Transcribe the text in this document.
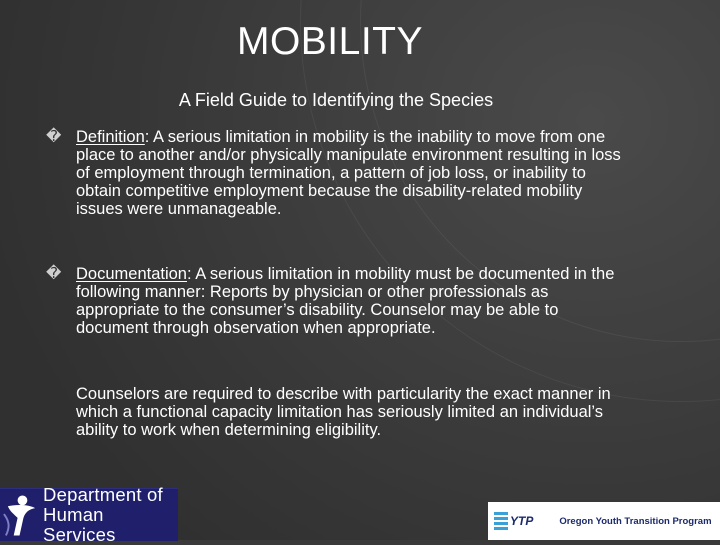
MOBILITY
A Field Guide to Identifying the Species
� Definition: A serious limitation in mobility is the inability to move from one place to another and/or physically manipulate environment resulting in loss of employment through termination, a pattern of job loss, or inability to obtain competitive employment because the disability-related mobility issues were unmanageable.
� Documentation: A serious limitation in mobility must be documented in the following manner: Reports by physician or other professionals as appropriate to the consumer’s disability. Counselor may be able to document through observation when appropriate.
Counselors are required to describe with particularity the exact manner in which a functional capacity limitation has seriously limited an individual’s ability to work when determining eligibility.
Department of
Human Services
YTP	Oregon Youth Transition Program
